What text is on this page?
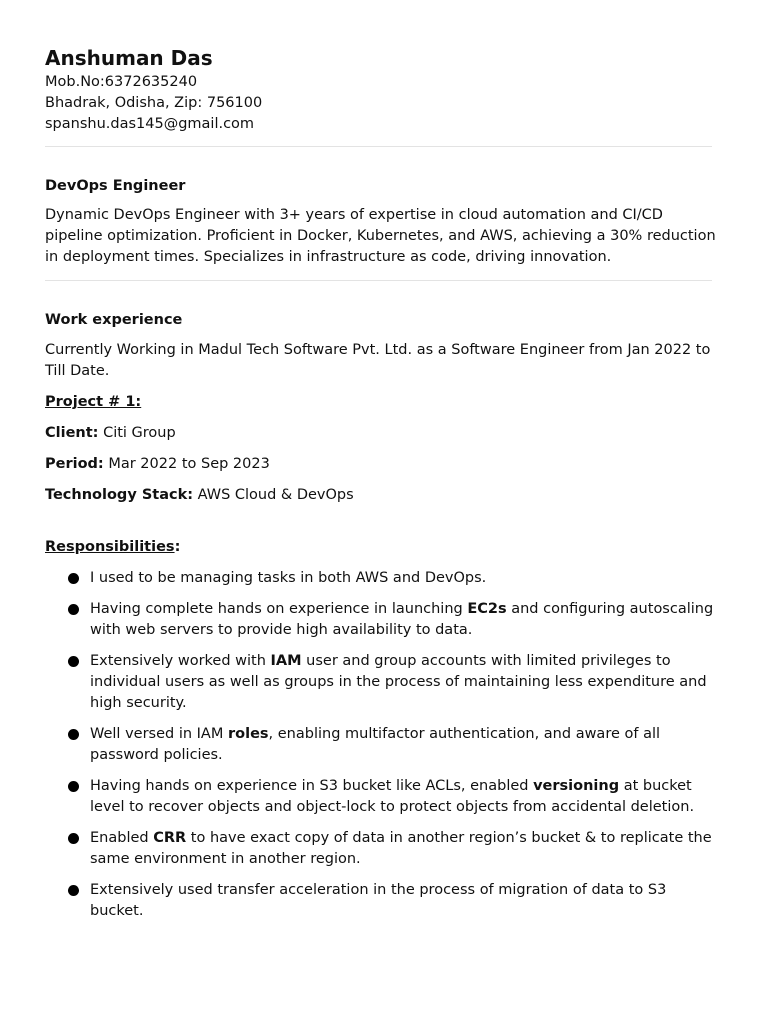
Anshuman Das

Mob.No:6372635240

Bhadrak, Odisha, Zip: 756100

spanshu.das145@gmail.com

DevOps Engineer

Dynamic DevOps Engineer with 3+ years of expertise in cloud automation and CI/CD pipeline optimization. Proficient in Docker, Kubernetes, and AWS, achieving a 30% reduction in deployment times. Specializes in infrastructure as code, driving innovation.

Work experience

Currently Working in Madul Tech Software Pvt. Ltd. as a Software Engineer from Jan 2022 to Till Date.

Project # 1:

Client: Citi Group

Period: Mar 2022 to Sep 2023

Technology Stack: AWS Cloud & DevOps

Responsibilities:

I used to be managing tasks in both AWS and DevOps.
Having complete hands on experience in launching EC2s and configuring autoscaling with web servers to provide high availability to data.
Extensively worked with IAM user and group accounts with limited privileges to individual users as well as groups in the process of maintaining less expenditure and high security.
Well versed in IAM roles, enabling multifactor authentication, and aware of all password policies.
Having hands on experience in S3 bucket like ACLs, enabled versioning at bucket level to recover objects and object-lock to protect objects from accidental deletion.
Enabled CRR to have exact copy of data in another region’s bucket & to replicate the same environment in another region.
Extensively used transfer acceleration in the process of migration of data to S3 bucket.
